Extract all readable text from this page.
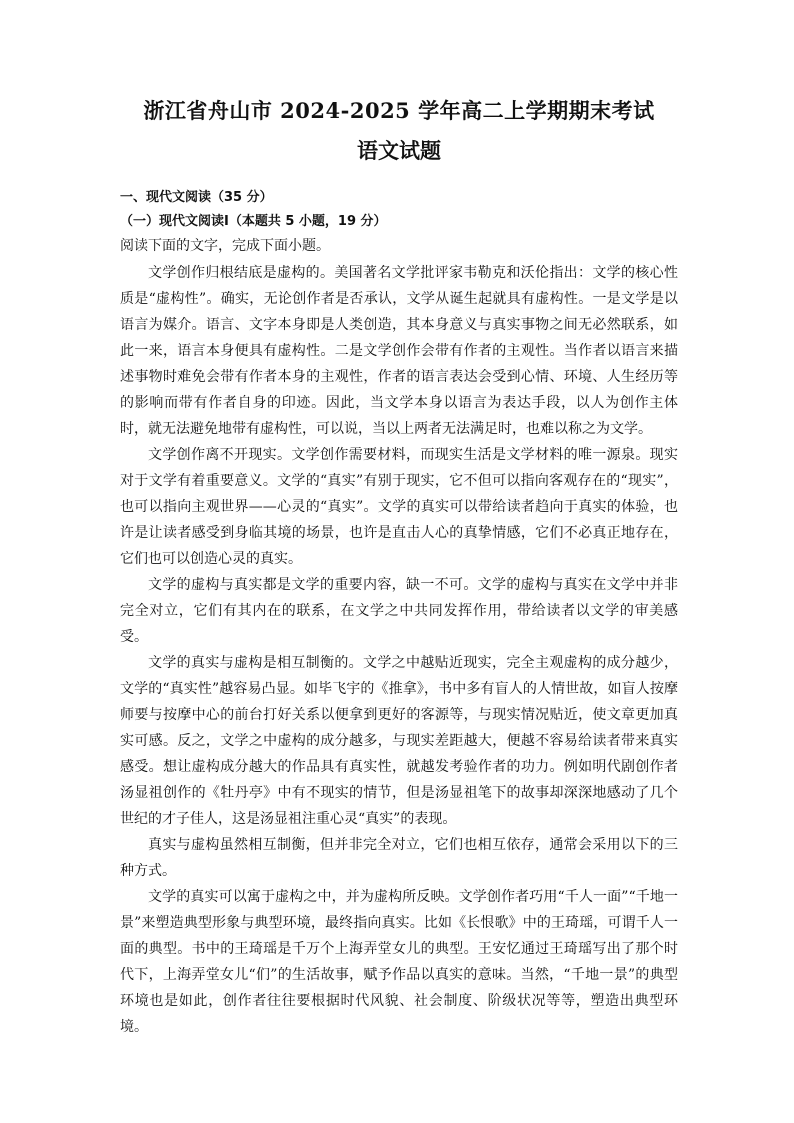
浙江省舟山市 2024-2025 学年高二上学期期末考试
语文试题
一、现代文阅读（35 分）
（一）现代文阅读Ⅰ（本题共 5 小题，19 分）
阅读下面的文字，完成下面小题。

文学创作归根结底是虚构的。美国著名文学批评家韦勒克和沃伦指出：文学的核心性质是“虚构性”。确实，无论创作者是否承认，文学从诞生起就具有虚构性。一是文学是以语言为媒介。语言、文字本身即是人类创造，其本身意义与真实事物之间无必然联系，如此一来，语言本身便具有虚构性。二是文学创作会带有作者的主观性。当作者以语言来描述事物时难免会带有作者本身的主观性，作者的语言表达会受到心情、环境、人生经历等的影响而带有作者自身的印迹。因此，当文学本身以语言为表达手段，以人为创作主体时，就无法避免地带有虚构性，可以说，当以上两者无法满足时，也难以称之为文学。

文学创作离不开现实。文学创作需要材料，而现实生活是文学材料的唯一源泉。现实对于文学有着重要意义。文学的“真实”有别于现实，它不但可以指向客观存在的“现实”，也可以指向主观世界——心灵的“真实”。文学的真实可以带给读者趋向于真实的体验，也许是让读者感受到身临其境的场景，也许是直击人心的真挚情感，它们不必真正地存在，它们也可以创造心灵的真实。

文学的虚构与真实都是文学的重要内容，缺一不可。文学的虚构与真实在文学中并非完全对立，它们有其内在的联系，在文学之中共同发挥作用，带给读者以文学的审美感受。

文学的真实与虚构是相互制衡的。文学之中越贴近现实，完全主观虚构的成分越少，文学的“真实性”越容易凸显。如毕飞宇的《推拿》，书中多有盲人的人情世故，如盲人按摩师要与按摩中心的前台打好关系以便拿到更好的客源等，与现实情况贴近，使文章更加真实可感。反之，文学之中虚构的成分越多，与现实差距越大，便越不容易给读者带来真实感受。想让虚构成分越大的作品具有真实性，就越发考验作者的功力。例如明代剧创作者汤显祖创作的《牡丹亭》中有不现实的情节，但是汤显祖笔下的故事却深深地感动了几个世纪的才子佳人，这是汤显祖注重心灵“真实”的表现。

真实与虚构虽然相互制衡，但并非完全对立，它们也相互依存，通常会采用以下的三种方式。

文学的真实可以寓于虚构之中，并为虚构所反映。文学创作者巧用“千人一面”“千地一景”来塑造典型形象与典型环境，最终指向真实。比如《长恨歌》中的王琦瑶，可谓千人一面的典型。书中的王琦瑶是千万个上海弄堂女儿的典型。王安忆通过王琦瑶写出了那个时代下，上海弄堂女儿“们”的生活故事，赋予作品以真实的意味。当然，“千地一景”的典型环境也是如此，创作者往往要根据时代风貌、社会制度、阶级状况等等，塑造出典型环境。
